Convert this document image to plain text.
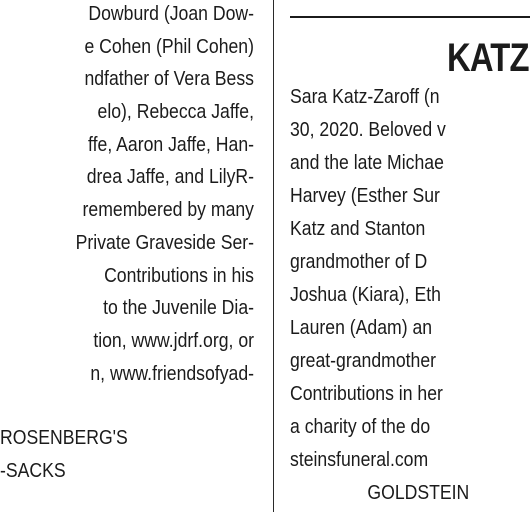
Dowburd (Joan Dow-
e Cohen (Phil Cohen)
ndfather of Vera Bess
elo), Rebecca Jaffe,
ffe, Aaron Jaffe, Han-
drea Jaffe, and LilyR-
remembered by many
Private Graveside Ser-
Contributions in his
to the Juvenile Dia-
tion, www.jdrf.org, or
n, www.friendsofyad-
ROSENBERG'S
-SACKS
KATZ
Sara Katz-Zaroff (n
30, 2020. Beloved v
and the late Michae
Harvey (Esther Sur
Katz and Stanton
grandmother of D
Joshua (Kiara), Eth
Lauren (Adam) an
great-grandmother
Contributions in her
a charity of the do
steinsfuneral.com
GOLDSTEIN
